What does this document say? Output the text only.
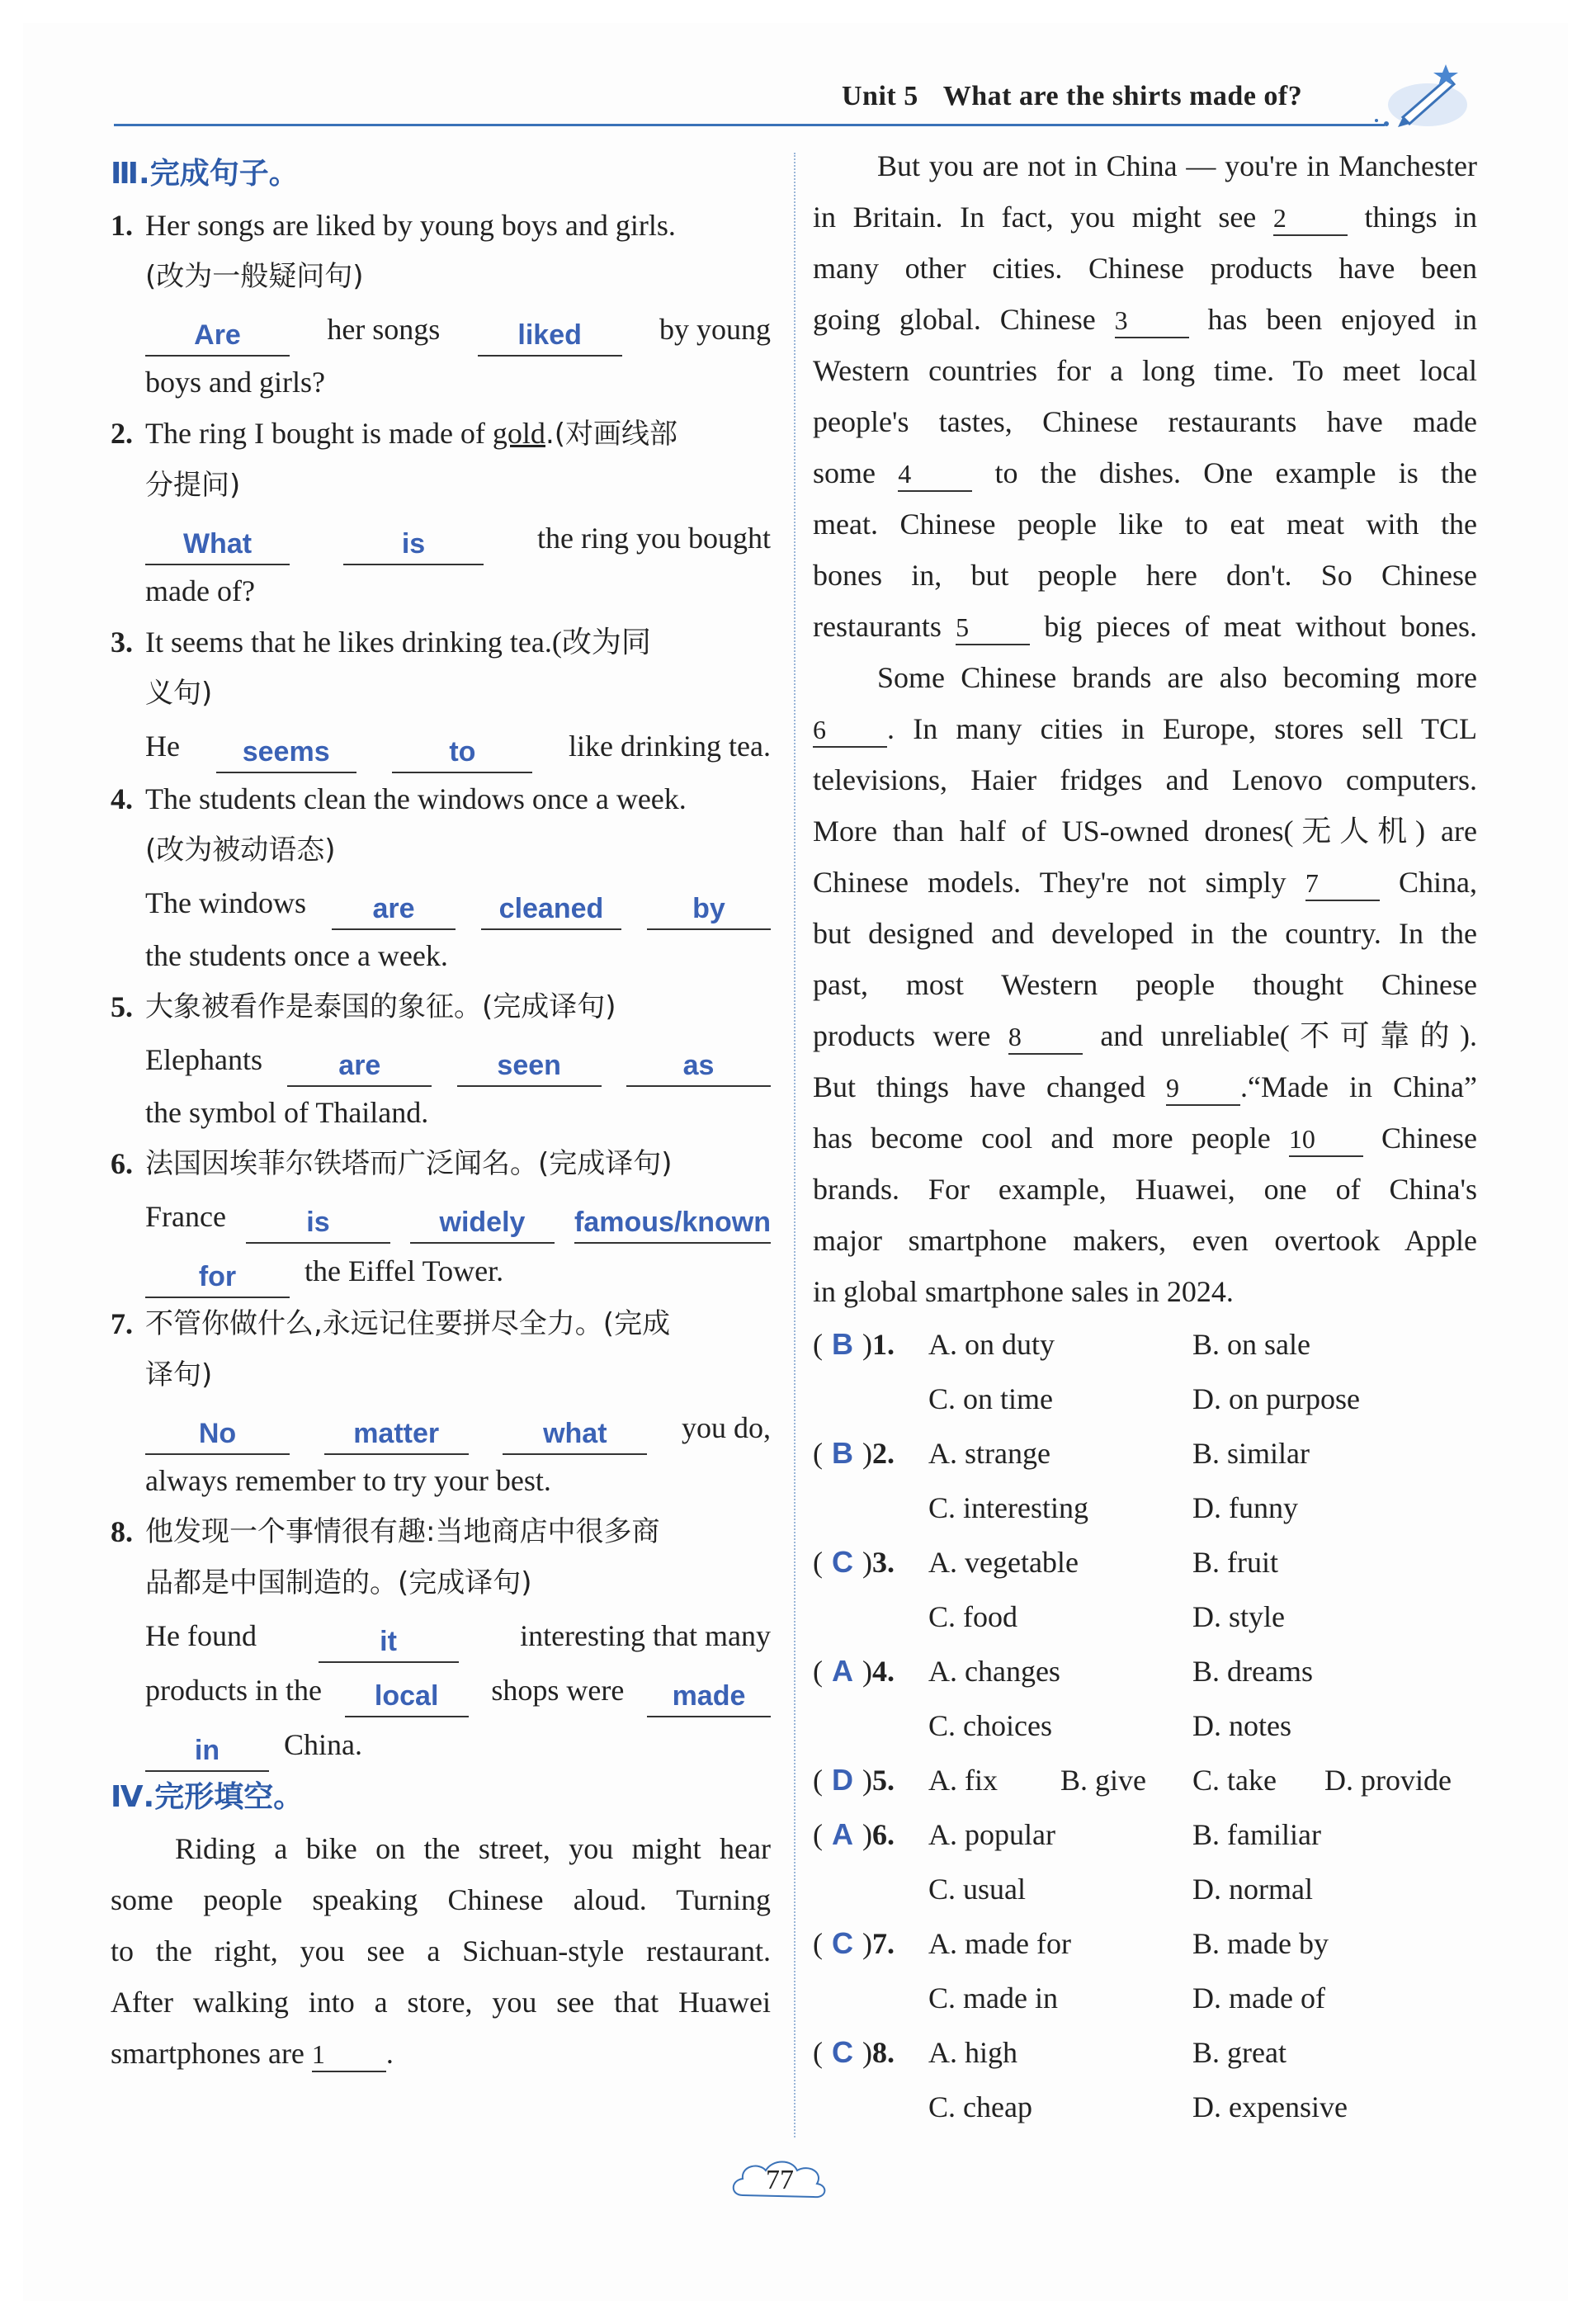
Unit 5 What are the shirts made of?
Ⅲ.完成句子。
1. Her songs are liked by young boys and girls.
(改为一般疑问句)
Are	her songs	liked	by young
boys and girls?
2. The ring I bought is made of gold.(对画线部
分提问)
What	is	the ring you bought
made of?
3. It seems that he likes drinking tea.(改为同
义句)
He	seems	to	like drinking tea.
4. The students clean the windows once a week.
(改为被动语态)
The windows	are	cleaned	by
the students once a week.
5. 大象被看作是泰国的象征。(完成译句)
Elephants	are	seen	as
the symbol of Thailand.
6. 法国因埃菲尔铁塔而广泛闻名。(完成译句)
France	is	widely	famous/known
for	the Eiffel Tower.
7. 不管你做什么,永远记住要拼尽全力。(完成
译句)
No	matter	what	you do,
always remember to try your best.
8. 他发现一个事情很有趣:当地商店中很多商
品都是中国制造的。(完成译句)
He found	it	interesting that many
products in the	local	shops were	made
in	China.
Ⅳ.完形填空。
Riding a bike on the street, you might hear
some people speaking Chinese aloud. Turning
to the right, you see a Sichuan-style restaurant.
After walking into a store, you see that Huawei
smartphones are 1 .
But you are not in China — you're in Manchester
in Britain. In fact, you might see 2	things in
many other cities. Chinese products have been
going global. Chinese 3	has been enjoyed in
Western countries for a long time. To meet local
people's tastes, Chinese restaurants have made
some 4	to the dishes. One example is the
meat. Chinese people like to eat meat with the
bones in, but people here don't. So Chinese
restaurants 5	big pieces of meat without bones.
Some Chinese brands are also becoming more
6 . In many cities in Europe, stores sell TCL
televisions, Haier fridges and Lenovo computers.
More than half of US-owned drones(无人机) are
Chinese models. They're not simply 7	China,
but designed and developed in the country. In the
past, most Western people thought Chinese
products were 8	and unreliable(不可靠的).
But things have changed 9 .“Made in China”
has become cool and more people 10 Chinese
brands. For example, Huawei, one of China's
major smartphone makers, even overtook Apple
in global smartphone sales in 2024.
( B )1.	A. on duty	B. on sale
C. on time	D. on purpose
( B )2.	A. strange	B. similar
C. interesting	D. funny
( C )3.	A. vegetable	B. fruit
C. food	D. style
( A )4.	A. changes	B. dreams
C. choices	D. notes
( D )5.	A. fix	B. give	C. take	D. provide
( A )6.	A. popular	B. familiar
C. usual	D. normal
( C )7.	A. made for	B. made by
C. made in	D. made of
( C )8.	A. high	B. great
C. cheap	D. expensive
77
